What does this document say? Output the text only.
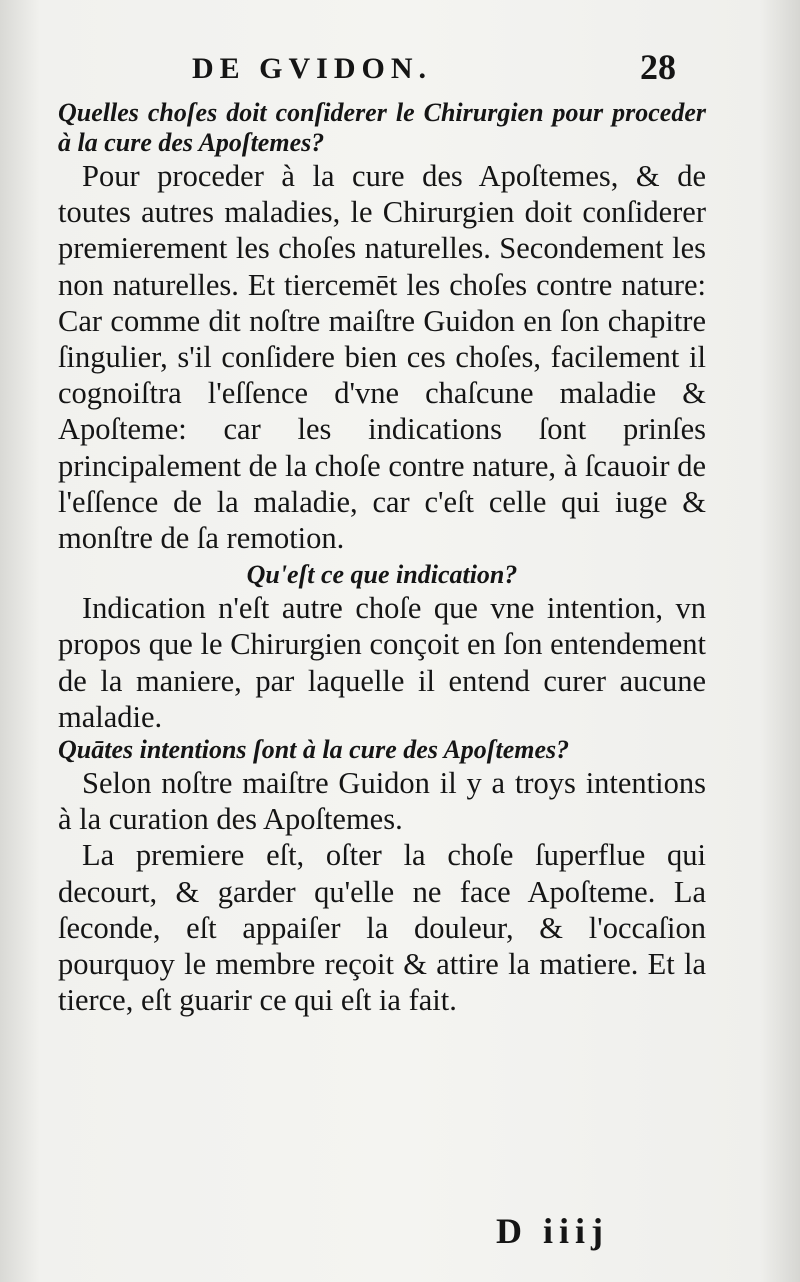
DE GVIDON.	28

Quelles choſes doit conſiderer le Chirurgien pour proceder à la cure des Apoſtemes?

Pour proceder à la cure des Apoſtemes, & de toutes autres maladies, le Chirurgien doit conſiderer premierement les choſes naturelles. Secondement les non naturelles. Et tiercemēt les choſes contre nature: Car comme dit noſtre maiſtre Guidon en ſon chapitre ſingulier, s'il conſidere bien ces choſes, facilement il cognoiſtra l'eſſence d'vne chaſcune maladie & Apoſteme: car les indications ſont prinſes principalement de la choſe contre nature, à ſcauoir de l'eſſence de la maladie, car c'eſt celle qui iuge & monſtre de ſa remotion.

Qu'eſt ce que indication?

Indication n'eſt autre choſe que vne intention, vn propos que le Chirurgien conçoit en ſon entendement de la maniere, par laquelle il entend curer aucune maladie.

Quātes intentions ſont à la cure des Apoſtemes?

Selon noſtre maiſtre Guidon il y a troys intentions à la curation des Apoſtemes.

La premiere eſt, oſter la choſe ſuperflue qui decourt, & garder qu'elle ne face Apoſteme. La ſeconde, eſt appaiſer la douleur, & l'occaſion pourquoy le membre reçoit & attire la matiere. Et la tierce, eſt guarir ce qui eſt ia fait.

D iiij
